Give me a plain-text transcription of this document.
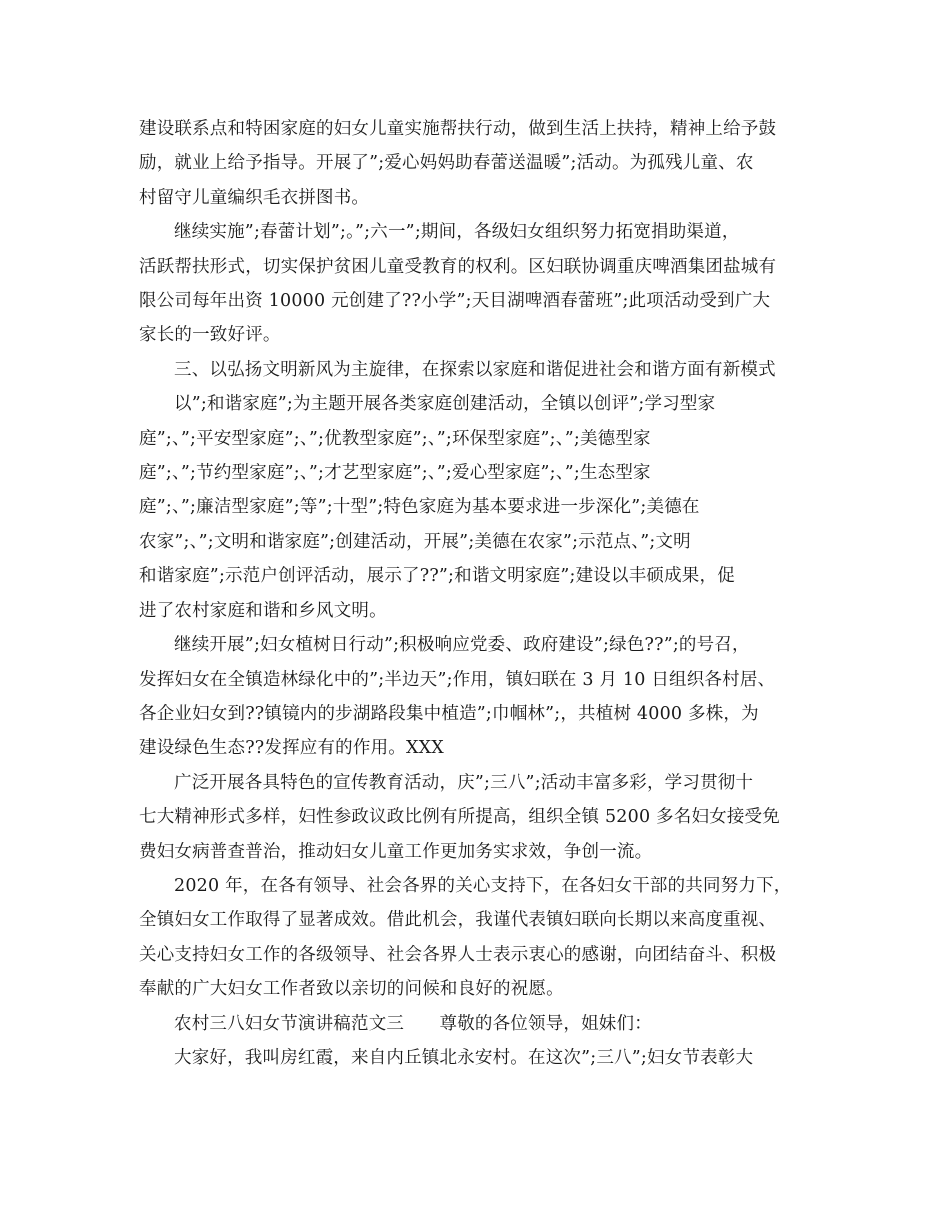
建设联系点和特困家庭的妇女儿童实施帮扶行动，做到生活上扶持，精神上给予鼓
励，就业上给予指导。开展了”;爱心妈妈助春蕾送温暖”;活动。为孤残儿童、农
村留守儿童编织毛衣拼图书。

继续实施”;春蕾计划”;。”;六一”;期间，各级妇女组织努力拓宽捐助渠道，
活跃帮扶形式，切实保护贫困儿童受教育的权利。区妇联协调重庆啤酒集团盐城有
限公司每年出资 10000 元创建了??小学”;天目湖啤酒春蕾班”;此项活动受到广大
家长的一致好评。

三、以弘扬文明新风为主旋律，在探索以家庭和谐促进社会和谐方面有新模式

以”;和谐家庭”;为主题开展各类家庭创建活动，全镇以创评”;学习型家
庭”;、”;平安型家庭”;、”;优教型家庭”;、”;环保型家庭”;、”;美德型家
庭”;、”;节约型家庭”;、”;才艺型家庭”;、”;爱心型家庭”;、”;生态型家
庭”;、”;廉洁型家庭”;等”;十型”;特色家庭为基本要求进一步深化”;美德在
农家”;、”;文明和谐家庭”;创建活动，开展”;美德在农家”;示范点、”;文明
和谐家庭”;示范户创评活动，展示了??”;和谐文明家庭”;建设以丰硕成果，促
进了农村家庭和谐和乡风文明。

继续开展”;妇女植树日行动”;积极响应党委、政府建设”;绿色??”;的号召，
发挥妇女在全镇造林绿化中的”;半边天”;作用，镇妇联在 3 月 10 日组织各村居、
各企业妇女到??镇镜内的步湖路段集中植造”;巾帼林”;，共植树 4000 多株，为
建设绿色生态??发挥应有的作用。XXX

广泛开展各具特色的宣传教育活动，庆”;三八”;活动丰富多彩，学习贯彻十
七大精神形式多样，妇性参政议政比例有所提高，组织全镇 5200 多名妇女接受免
费妇女病普查普治，推动妇女儿童工作更加务实求效，争创一流。

2020 年，在各有领导、社会各界的关心支持下，在各妇女干部的共同努力下，
全镇妇女工作取得了显著成效。借此机会，我谨代表镇妇联向长期以来高度重视、
关心支持妇女工作的各级领导、社会各界人士表示衷心的感谢，向团结奋斗、积极
奉献的广大妇女工作者致以亲切的问候和良好的祝愿。

农村三八妇女节演讲稿范文三　　尊敬的各位领导，姐妹们：

大家好，我叫房红霞，来自内丘镇北永安村。在这次”;三八”;妇女节表彰大
